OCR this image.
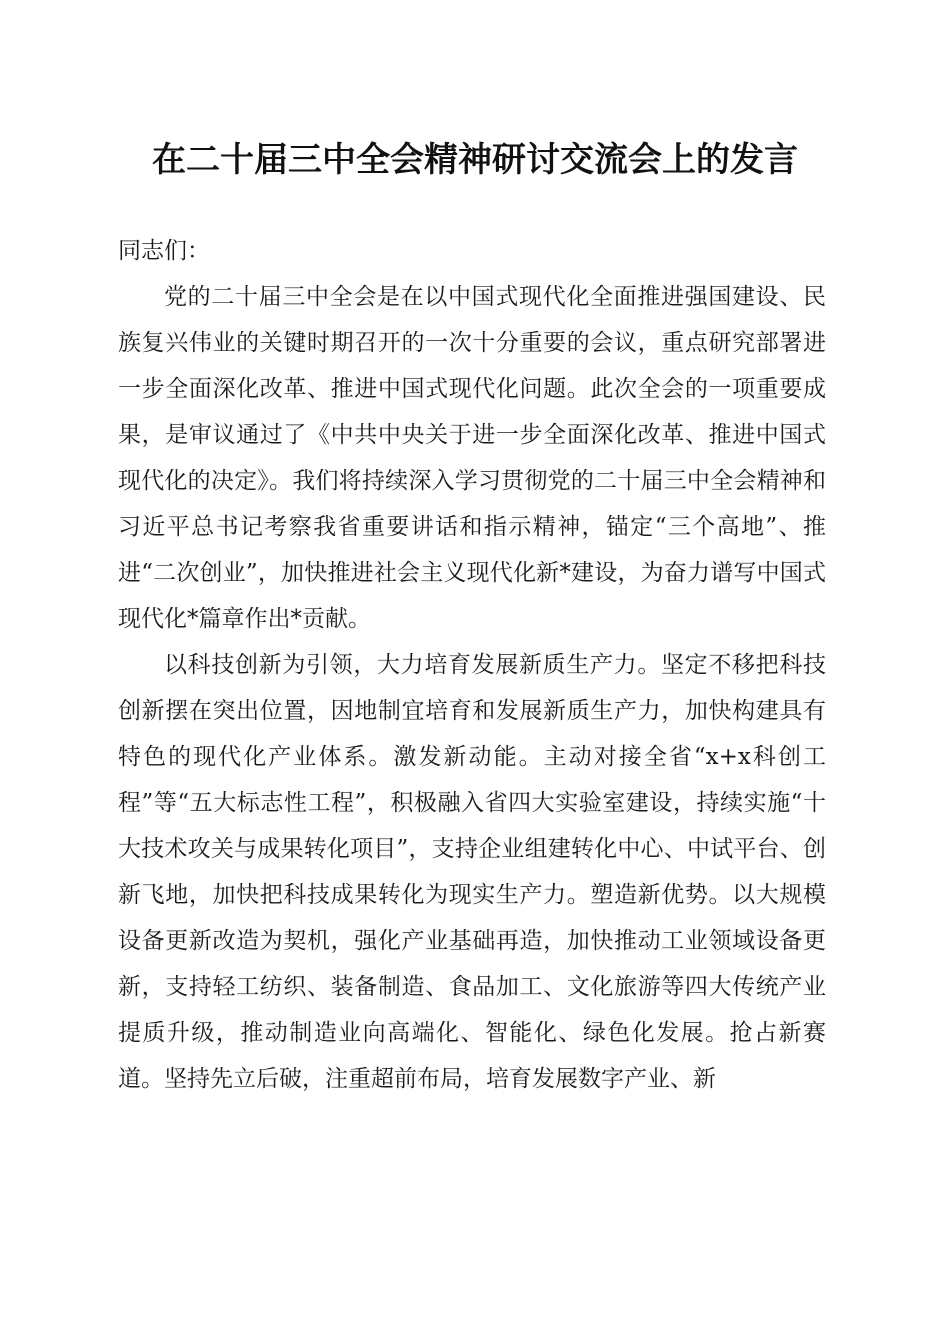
在二十届三中全会精神研讨交流会上的发言

同志们：

党的二十届三中全会是在以中国式现代化全面推进强国建设、民族复兴伟业的关键时期召开的一次十分重要的会议，重点研究部署进一步全面深化改革、推进中国式现代化问题。此次全会的一项重要成果，是审议通过了《中共中央关于进一步全面深化改革、推进中国式现代化的决定》。我们将持续深入学习贯彻党的二十届三中全会精神和习近平总书记考察我省重要讲话和指示精神，锚定“三个高地”、推进“二次创业”，加快推进社会主义现代化新*建设，为奋力谱写中国式现代化*篇章作出*贡献。

以科技创新为引领，大力培育发展新质生产力。坚定不移把科技创新摆在突出位置，因地制宜培育和发展新质生产力，加快构建具有特色的现代化产业体系。激发新动能。主动对接全省“x+x科创工程”等“五大标志性工程”，积极融入省四大实验室建设，持续实施“十大技术攻关与成果转化项目”，支持企业组建转化中心、中试平台、创新飞地，加快把科技成果转化为现实生产力。塑造新优势。以大规模设备更新改造为契机，强化产业基础再造，加快推动工业领域设备更新，支持轻工纺织、装备制造、食品加工、文化旅游等四大传统产业提质升级，推动制造业向高端化、智能化、绿色化发展。抢占新赛道。坚持先立后破，注重超前布局，培育发展数字产业、新
